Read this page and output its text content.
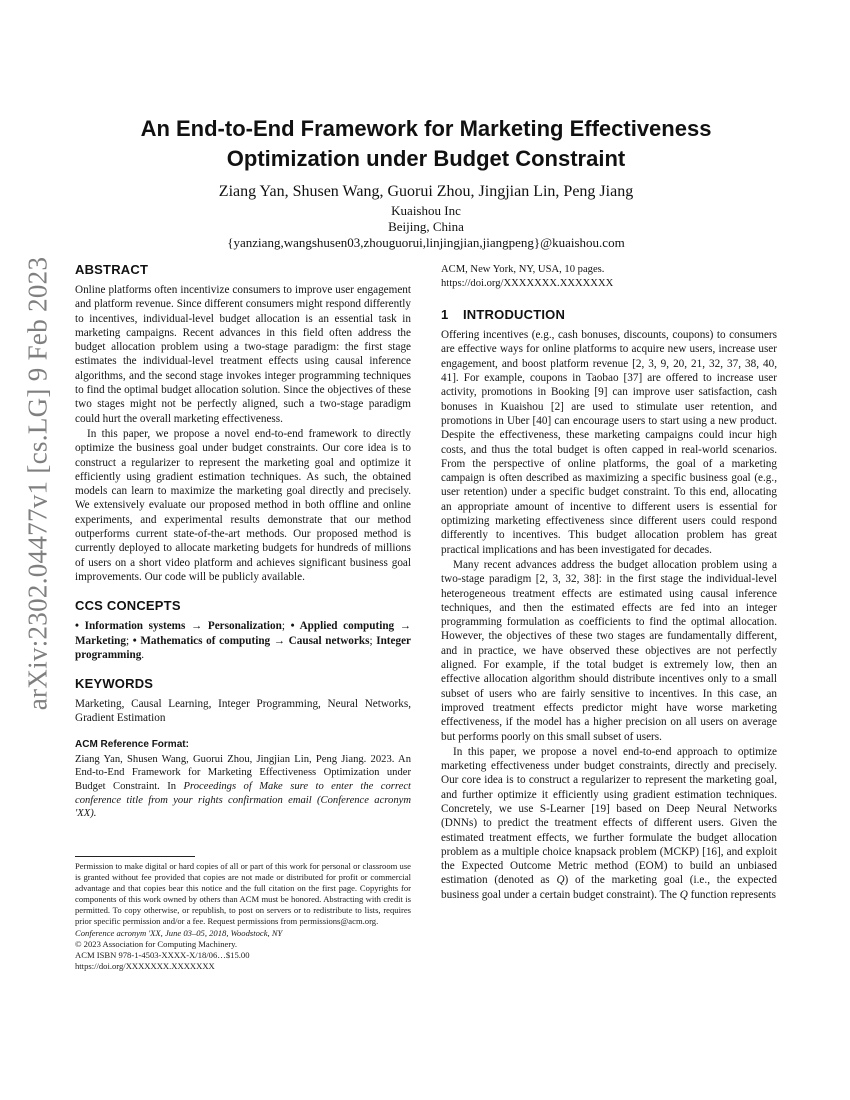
arXiv:2302.04477v1 [cs.LG] 9 Feb 2023
An End-to-End Framework for Marketing Effectiveness
Optimization under Budget Constraint
Ziang Yan, Shusen Wang, Guorui Zhou, Jingjian Lin, Peng Jiang
Kuaishou Inc
Beijing, China
{yanziang,wangshusen03,zhouguorui,linjingjian,jiangpeng}@kuaishou.com
ABSTRACT

Online platforms often incentivize consumers to improve user engagement and platform revenue. Since different consumers might respond differently to incentives, individual-level budget allocation is an essential task in marketing campaigns. Recent advances in this field often address the budget allocation problem using a two-stage paradigm: the first stage estimates the individual-level treatment effects using causal inference algorithms, and the second stage invokes integer programming techniques to find the optimal budget allocation solution. Since the objectives of these two stages might not be perfectly aligned, such a two-stage paradigm could hurt the overall marketing effectiveness.

In this paper, we propose a novel end-to-end framework to directly optimize the business goal under budget constraints. Our core idea is to construct a regularizer to represent the marketing goal and optimize it efficiently using gradient estimation techniques. As such, the obtained models can learn to maximize the marketing goal directly and precisely. We extensively evaluate our proposed method in both offline and online experiments, and experimental results demonstrate that our method outperforms current state-of-the-art methods. Our proposed method is currently deployed to allocate marketing budgets for hundreds of millions of users on a short video platform and achieves significant business goal improvements. Our code will be publicly available.

CCS CONCEPTS

• Information systems → Personalization; • Applied computing → Marketing; • Mathematics of computing → Causal networks; Integer programming.

KEYWORDS

Marketing, Causal Learning, Integer Programming, Neural Networks, Gradient Estimation

ACM Reference Format:

Ziang Yan, Shusen Wang, Guorui Zhou, Jingjian Lin, Peng Jiang. 2023. An End-to-End Framework for Marketing Effectiveness Optimization under Budget Constraint. In Proceedings of Make sure to enter the correct conference title from your rights confirmation email (Conference acronym 'XX).

Permission to make digital or hard copies of all or part of this work for personal or classroom use is granted without fee provided that copies are not made or distributed for profit or commercial advantage and that copies bear this notice and the full citation on the first page. Copyrights for components of this work owned by others than ACM must be honored. Abstracting with credit is permitted. To copy otherwise, or republish, to post on servers or to redistribute to lists, requires prior specific permission and/or a fee. Request permissions from permissions@acm.org.

Conference acronym 'XX, June 03–05, 2018, Woodstock, NY
© 2023 Association for Computing Machinery.
ACM ISBN 978-1-4503-XXXX-X/18/06…$15.00
https://doi.org/XXXXXXX.XXXXXXX

ACM, New York, NY, USA, 10 pages. https://doi.org/XXXXXXX.XXXXXXX

1 INTRODUCTION

Offering incentives (e.g., cash bonuses, discounts, coupons) to consumers are effective ways for online platforms to acquire new users, increase user engagement, and boost platform revenue [2, 3, 9, 20, 21, 32, 37, 38, 40, 41]. For example, coupons in Taobao [37] are offered to increase user activity, promotions in Booking [9] can improve user satisfaction, cash bonuses in Kuaishou [2] are used to stimulate user retention, and promotions in Uber [40] can encourage users to start using a new product. Despite the effectiveness, these marketing campaigns could incur high costs, and thus the total budget is often capped in real-world scenarios. From the perspective of online platforms, the goal of a marketing campaign is often described as maximizing a specific business goal (e.g., user retention) under a specific budget constraint. To this end, allocating an appropriate amount of incentive to different users is essential for optimizing marketing effectiveness since different users could respond differently to incentives. This budget allocation problem has great practical implications and has been investigated for decades.

Many recent advances address the budget allocation problem using a two-stage paradigm [2, 3, 32, 38]: in the first stage the individual-level heterogeneous treatment effects are estimated using causal inference techniques, and then the estimated effects are fed into an integer programming formulation as coefficients to find the optimal allocation. However, the objectives of these two stages are fundamentally different, and in practice, we have observed these objectives are not perfectly aligned. For example, if the total budget is extremely low, then an effective allocation algorithm should distribute incentives only to a small subset of users who are fairly sensitive to incentives. In this case, an improved treatment effects predictor might have worse marketing effectiveness, if the model has a higher precision on all users on average but performs poorly on this small subset of users.

In this paper, we propose a novel end-to-end approach to optimize marketing effectiveness under budget constraints, directly and precisely. Our core idea is to construct a regularizer to represent the marketing goal, and further optimize it efficiently using gradient estimation techniques. Concretely, we use S-Learner [19] based on Deep Neural Networks (DNNs) to predict the treatment effects of different users. Given the estimated treatment effects, we further formulate the budget allocation problem as a multiple choice knapsack problem (MCKP) [16], and exploit the Expected Outcome Metric method (EOM) to build an unbiased estimation (denoted as Q) of the marketing goal (i.e., the expected business goal under a certain budget constraint). The Q function represents
